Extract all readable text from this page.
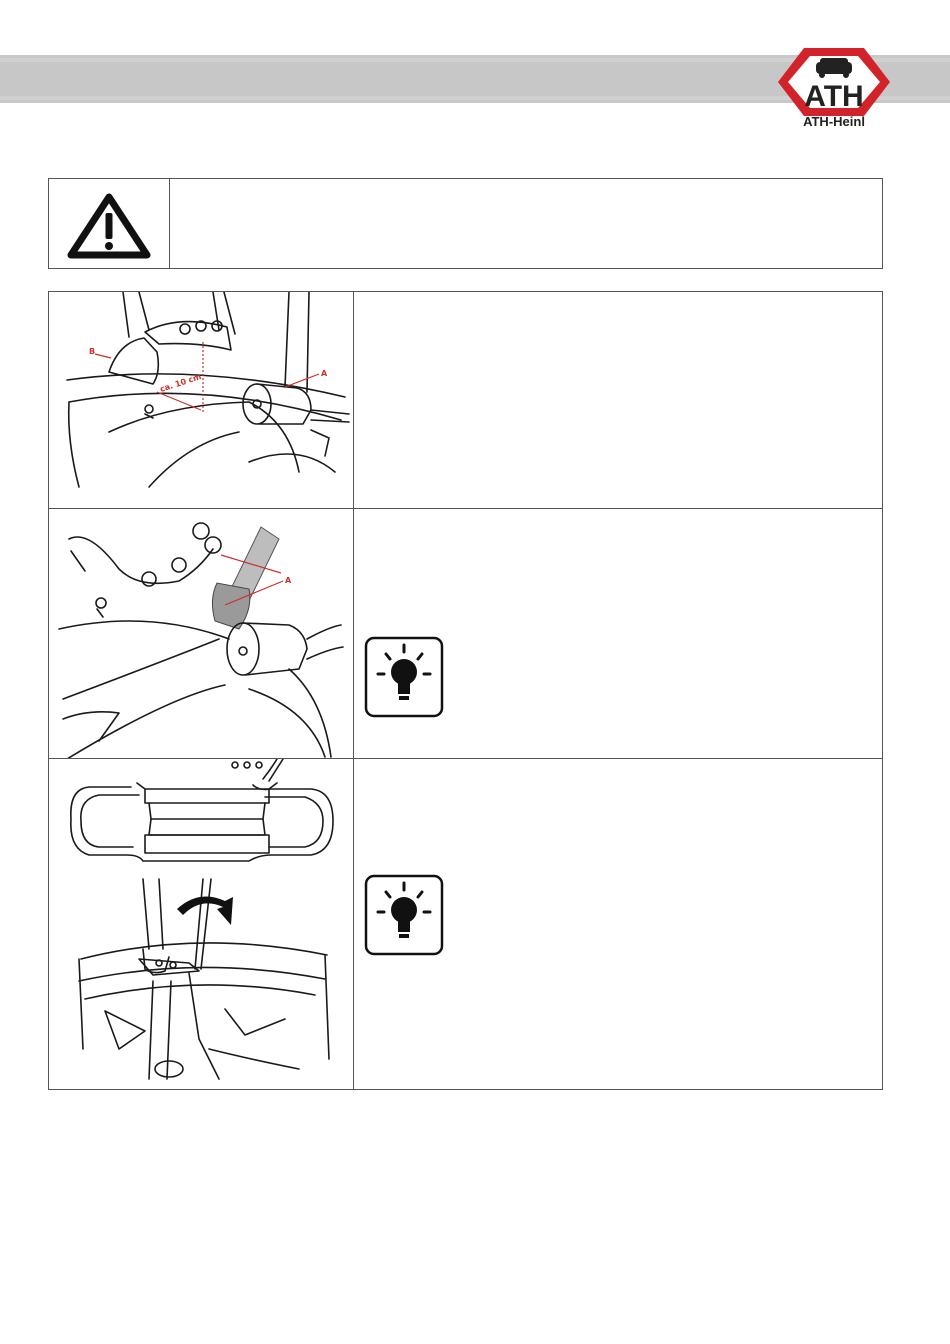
ATH
ATH-Heinl
A
B
ca. 10 cm
A
